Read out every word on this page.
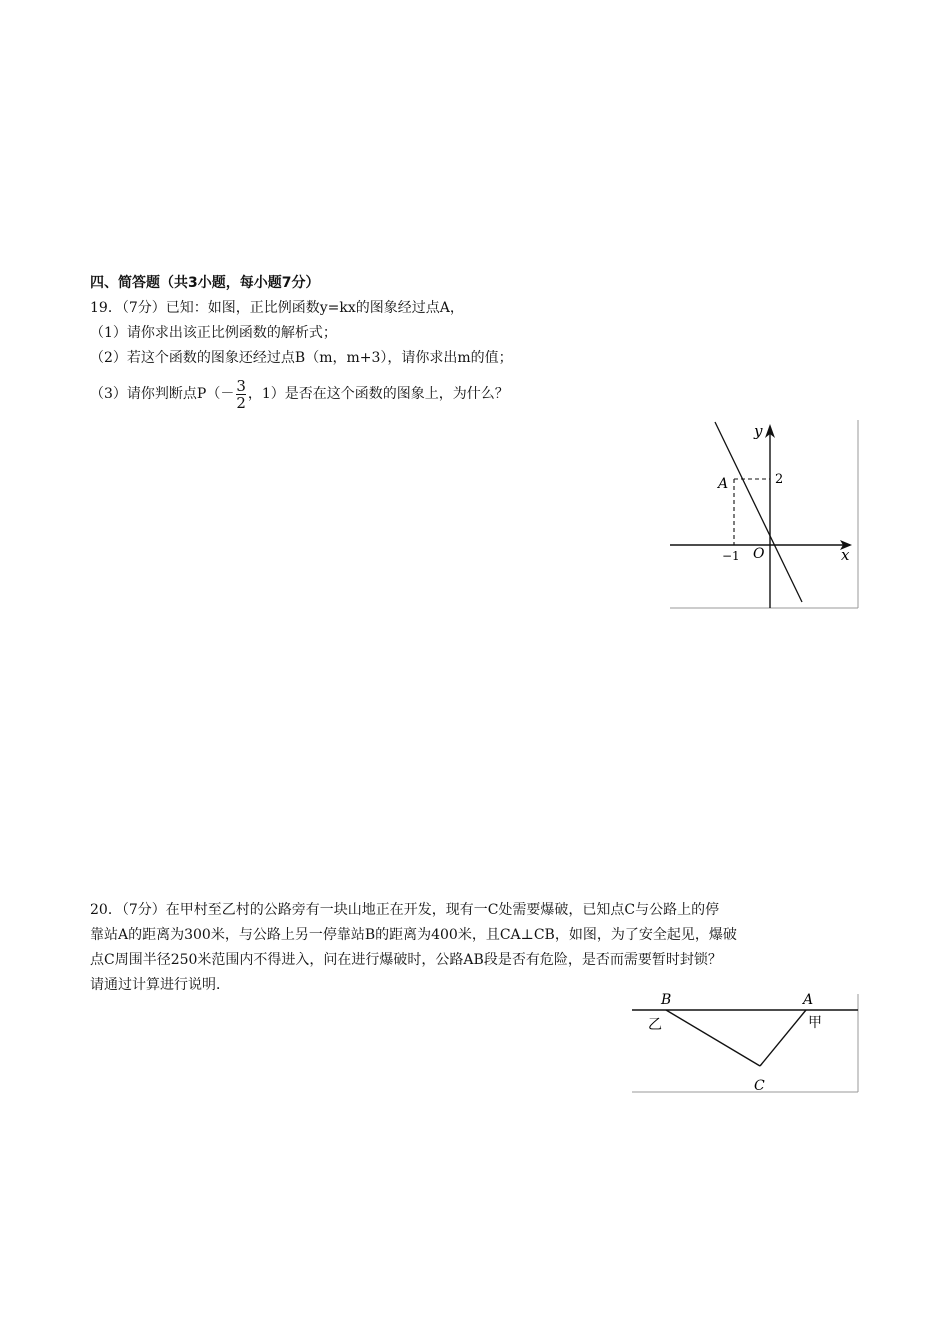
四、简答题（共3小题，每小题7分）
19．（7分）已知：如图，正比例函数y=kx的图象经过点A，
（1）请你求出该正比例函数的解析式；
（2）若这个函数的图象还经过点B（m，m+3），请你求出m的值；
（3）请你判断点$P(- \frac{3}{2}$ ，1）是否在这个函数的图象上，为什么？
y
x
O
A	2
−1
20．（7分）在甲村至乙村的公路旁有一块山地正在开发，现有一C处需要爆破，已知点C与公路上的停
靠站A的距离为300米，与公路上另一停靠站B的距离为400米，且CA⊥CB，如图，为了安全起见，爆破
点C周围半径250米范围内不得进入，问在进行爆破时，公路AB段是否有危险，是否而需要暂时封锁？
请通过计算进行说明．
B	A
C
乙	甲
